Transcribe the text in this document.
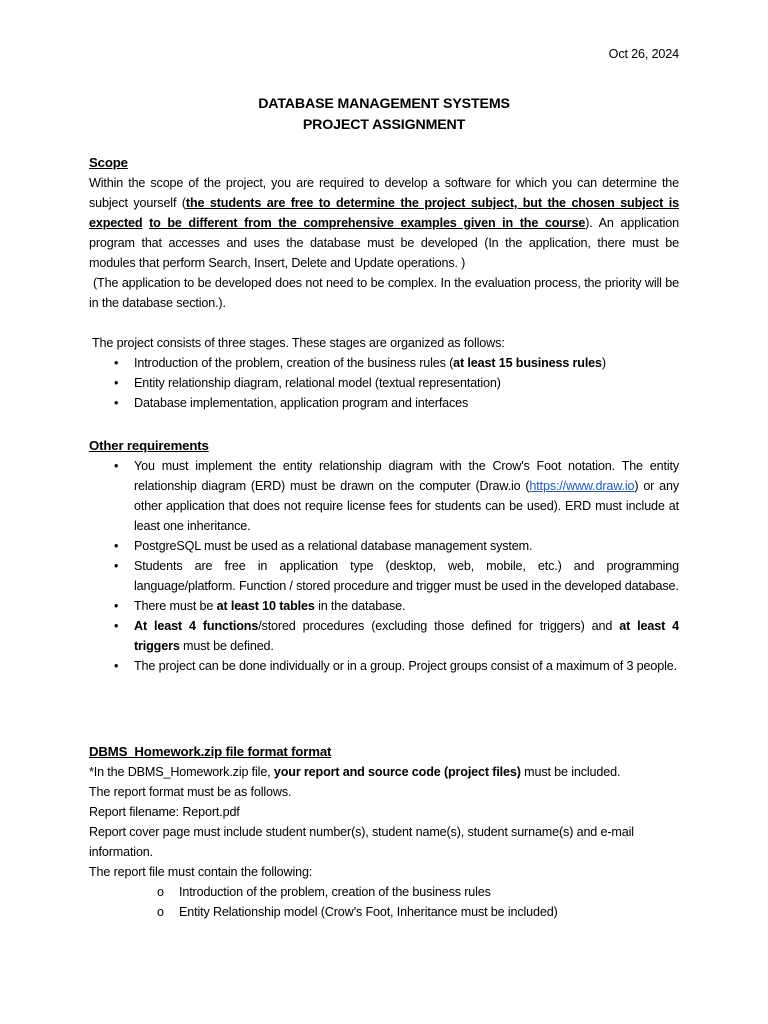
Oct 26, 2024
DATABASE MANAGEMENT SYSTEMS
PROJECT ASSIGNMENT
Scope
Within the scope of the project, you are required to develop a software for which you can determine the subject yourself (the students are free to determine the project subject, but the chosen subject is expected to be different from the comprehensive examples given in the course). An application program that accesses and uses the database must be developed (In the application, there must be modules that perform Search, Insert, Delete and Update operations. )
(The application to be developed does not need to be complex. In the evaluation process, the priority will be in the database section.).
The project consists of three stages. These stages are organized as follows:
• Introduction of the problem, creation of the business rules (at least 15 business rules)
• Entity relationship diagram, relational model (textual representation)
• Database implementation, application program and interfaces
Other requirements
• You must implement the entity relationship diagram with the Crow's Foot notation. The entity relationship diagram (ERD) must be drawn on the computer (Draw.io (https://www.draw.io) or any other application that does not require license fees for students can be used). ERD must include at least one inheritance.
• PostgreSQL must be used as a relational database management system.
• Students are free in application type (desktop, web, mobile, etc.) and programming language/platform. Function / stored procedure and trigger must be used in the developed database.
• There must be at least 10 tables in the database.
• At least 4 functions/stored procedures (excluding those defined for triggers) and at least 4 triggers must be defined.
• The project can be done individually or in a group. Project groups consist of a maximum of 3 people.
DBMS_Homework.zip file format format
*In the DBMS_Homework.zip file, your report and source code (project files) must be included.
The report format must be as follows.
Report filename: Report.pdf
Report cover page must include student number(s), student name(s), student surname(s) and e-mail information.
The report file must contain the following:
o Introduction of the problem, creation of the business rules
o Entity Relationship model (Crow’s Foot, Inheritance must be included)
